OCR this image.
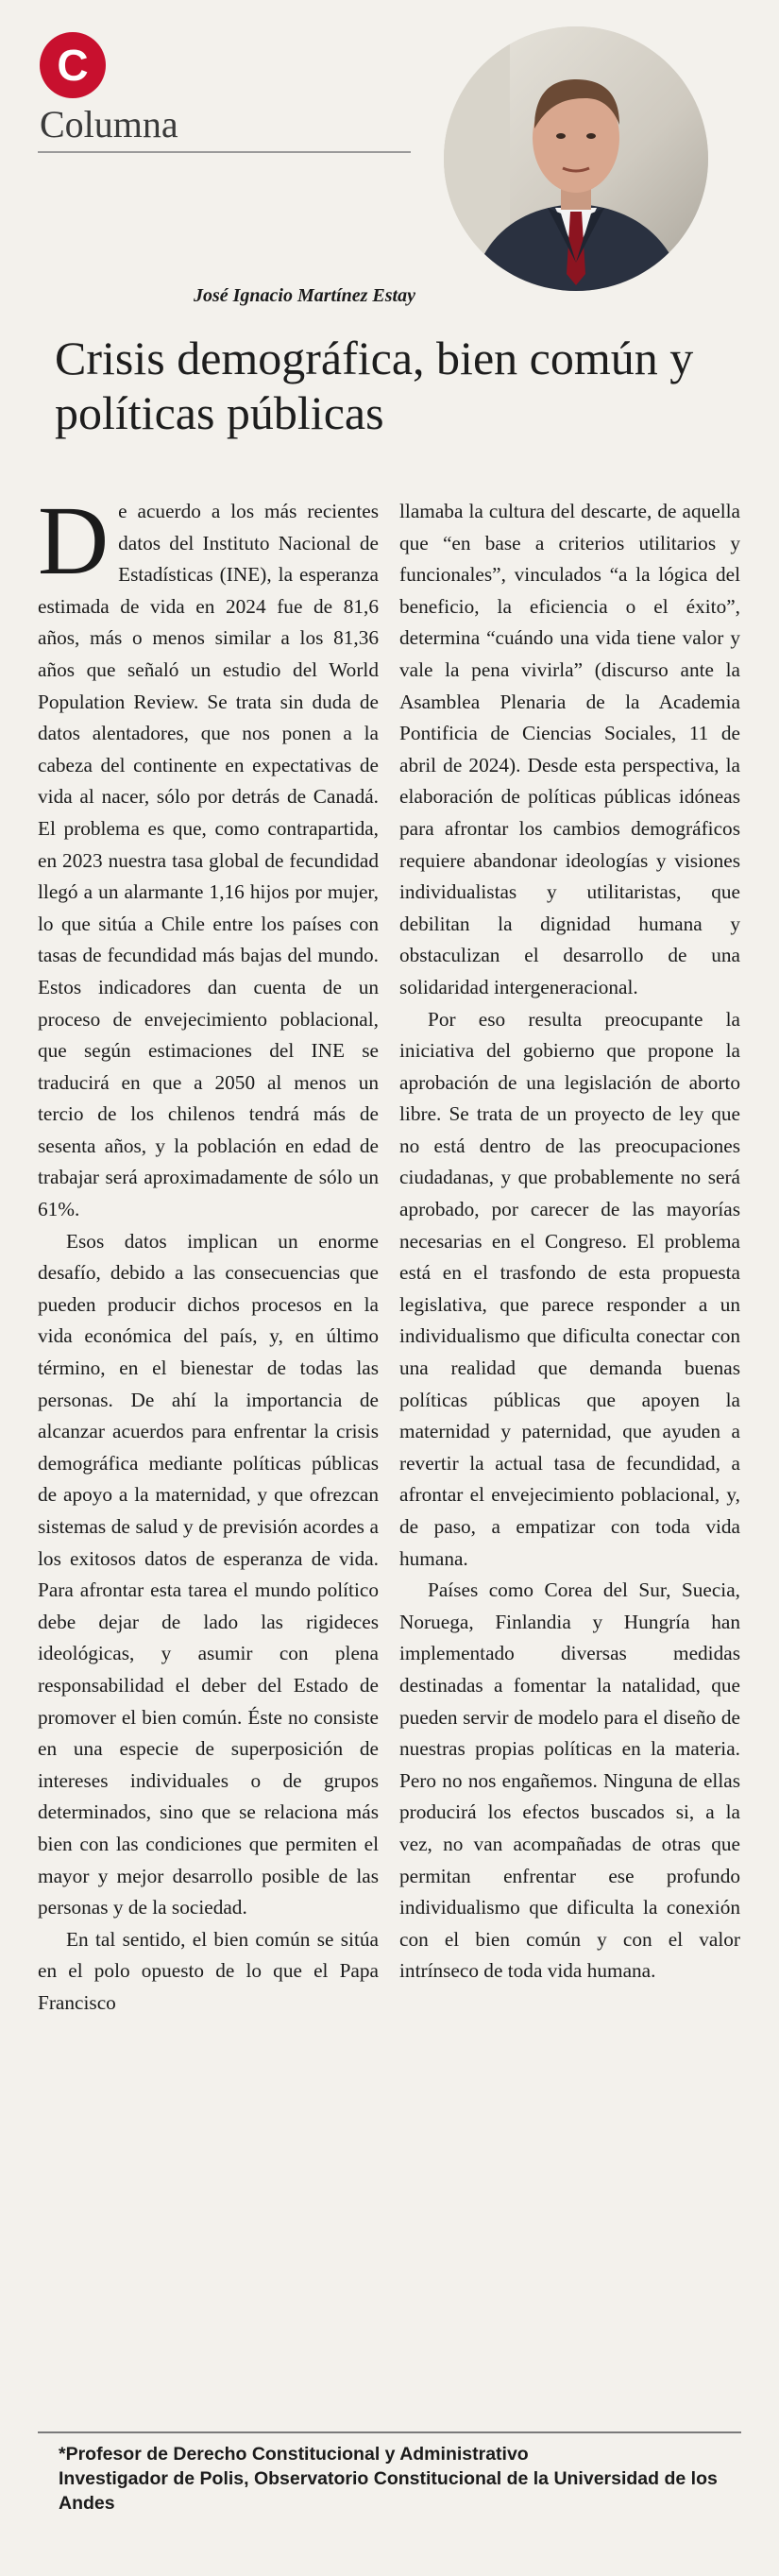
C
Columna
José Ignacio Martínez Estay
Crisis demográfica, bien común y políticas públicas

De acuerdo a los más recientes datos del Instituto Nacional de Estadísticas (INE), la esperanza estimada de vida en 2024 fue de 81,6 años, más o menos similar a los 81,36 años que señaló un estudio del World Population Review. Se trata sin duda de datos alentadores, que nos ponen a la cabeza del continente en expectativas de vida al nacer, sólo por detrás de Canadá. El problema es que, como contrapartida, en 2023 nuestra tasa global de fecundidad llegó a un alarmante 1,16 hijos por mujer, lo que sitúa a Chile entre los países con tasas de fecundidad más bajas del mundo. Estos indicadores dan cuenta de un proceso de envejecimiento poblacional, que según estimaciones del INE se traducirá en que a 2050 al menos un tercio de los chilenos tendrá más de sesenta años, y la población en edad de trabajar será aproximadamente de sólo un 61%.

Esos datos implican un enorme desafío, debido a las consecuencias que pueden producir dichos procesos en la vida económica del país, y, en último término, en el bienestar de todas las personas. De ahí la importancia de alcanzar acuerdos para enfrentar la crisis demográfica mediante políticas públicas de apoyo a la maternidad, y que ofrezcan sistemas de salud y de previsión acordes a los exitosos datos de esperanza de vida. Para afrontar esta tarea el mundo político debe dejar de lado las rigideces ideológicas, y asumir con plena responsabilidad el deber del Estado de promover el bien común. Éste no consiste en una especie de superposición de intereses individuales o de grupos determinados, sino que se relaciona más bien con las condiciones que permiten el mayor y mejor desarrollo posible de las personas y de la sociedad.

En tal sentido, el bien común se sitúa en el polo opuesto de lo que el Papa Francisco

llamaba la cultura del descarte, de aquella que “en base a criterios utilitarios y funcionales”, vinculados “a la lógica del beneficio, la eficiencia o el éxito”, determina “cuándo una vida tiene valor y vale la pena vivirla” (discurso ante la Asamblea Plenaria de la Academia Pontificia de Ciencias Sociales, 11 de abril de 2024). Desde esta perspectiva, la elaboración de políticas públicas idóneas para afrontar los cambios demográficos requiere abandonar ideologías y visiones individualistas y utilitaristas, que debilitan la dignidad humana y obstaculizan el desarrollo de una solidaridad intergeneracional.

Por eso resulta preocupante la iniciativa del gobierno que propone la aprobación de una legislación de aborto libre. Se trata de un proyecto de ley que no está dentro de las preocupaciones ciudadanas, y que probablemente no será aprobado, por carecer de las mayorías necesarias en el Congreso. El problema está en el trasfondo de esta propuesta legislativa, que parece responder a un individualismo que dificulta conectar con una realidad que demanda buenas políticas públicas que apoyen la maternidad y paternidad, que ayuden a revertir la actual tasa de fecundidad, a afrontar el envejecimiento poblacional, y, de paso, a empatizar con toda vida humana.

Países como Corea del Sur, Suecia, Noruega, Finlandia y Hungría han implementado diversas medidas destinadas a fomentar la natalidad, que pueden servir de modelo para el diseño de nuestras propias políticas en la materia. Pero no nos engañemos. Ninguna de ellas producirá los efectos buscados si, a la vez, no van acompañadas de otras que permitan enfrentar ese profundo individualismo que dificulta la conexión con el bien común y con el valor intrínseco de toda vida humana.

*Profesor de Derecho Constitucional y Administrativo
Investigador de Polis, Observatorio Constitucional de la Universidad de los Andes
